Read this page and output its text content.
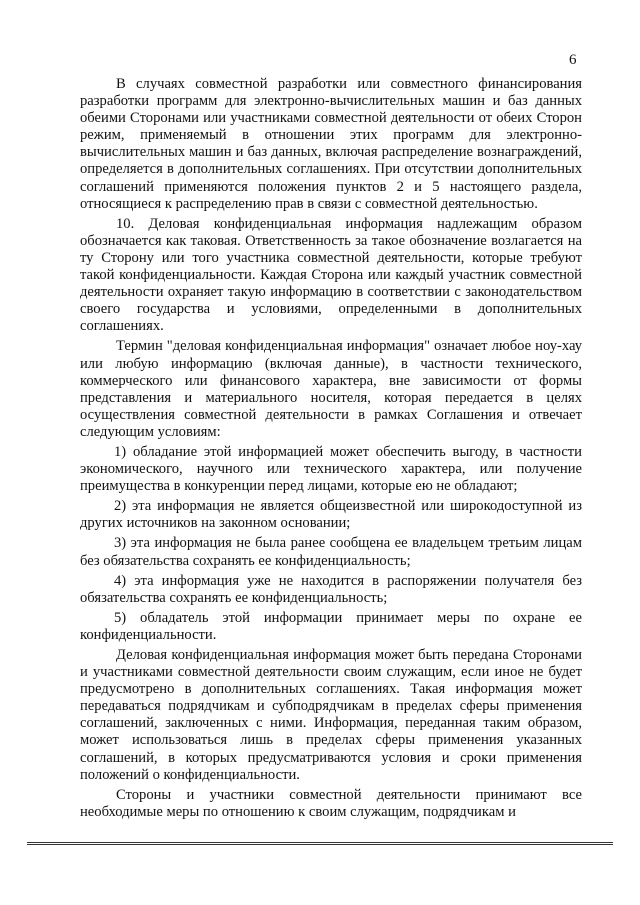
6

В случаях совместной разработки или совместного финансирования разработки программ для электронно-вычислительных машин и баз данных обеими Сторонами или участниками совместной деятельности от обеих Сторон режим, применяемый в отношении этих программ для электронно-вычислительных машин и баз данных, включая распределение вознаграждений, определяется в дополнительных соглашениях. При отсутствии дополнительных соглашений применяются положения пунктов 2 и 5 настоящего раздела, относящиеся к распределению прав в связи с совместной деятельностью.

10. Деловая конфиденциальная информация надлежащим образом обозначается как таковая. Ответственность за такое обозначение возлагается на ту Сторону или того участника совместной деятельности, которые требуют такой конфиденциальности. Каждая Сторона или каждый участник совместной деятельности охраняет такую информацию в соответствии с законодательством своего государства и условиями, определенными в дополнительных соглашениях.

Термин "деловая конфиденциальная информация" означает любое ноу-хау или любую информацию (включая данные), в частности технического, коммерческого или финансового характера, вне зависимости от формы представления и материального носителя, которая передается в целях осуществления совместной деятельности в рамках Соглашения и отвечает следующим условиям:

1) обладание этой информацией может обеспечить выгоду, в частности экономического, научного или технического характера, или получение преимущества в конкуренции перед лицами, которые ею не обладают;

2) эта информация не является общеизвестной или широкодоступной из других источников на законном основании;

3) эта информация не была ранее сообщена ее владельцем третьим лицам без обязательства сохранять ее конфиденциальность;

4) эта информация уже не находится в распоряжении получателя без обязательства сохранять ее конфиденциальность;

5) обладатель этой информации принимает меры по охране ее конфиденциальности.

Деловая конфиденциальная информация может быть передана Сторонами и участниками совместной деятельности своим служащим, если иное не будет предусмотрено в дополнительных соглашениях. Такая информация может передаваться подрядчикам и субподрядчикам в пределах сферы применения соглашений, заключенных с ними. Информация, переданная таким образом, может использоваться лишь в пределах сферы применения указанных соглашений, в которых предусматриваются условия и сроки применения положений о конфиденциальности.

Стороны и участники совместной деятельности принимают все необходимые меры по отношению к своим служащим, подрядчикам и
